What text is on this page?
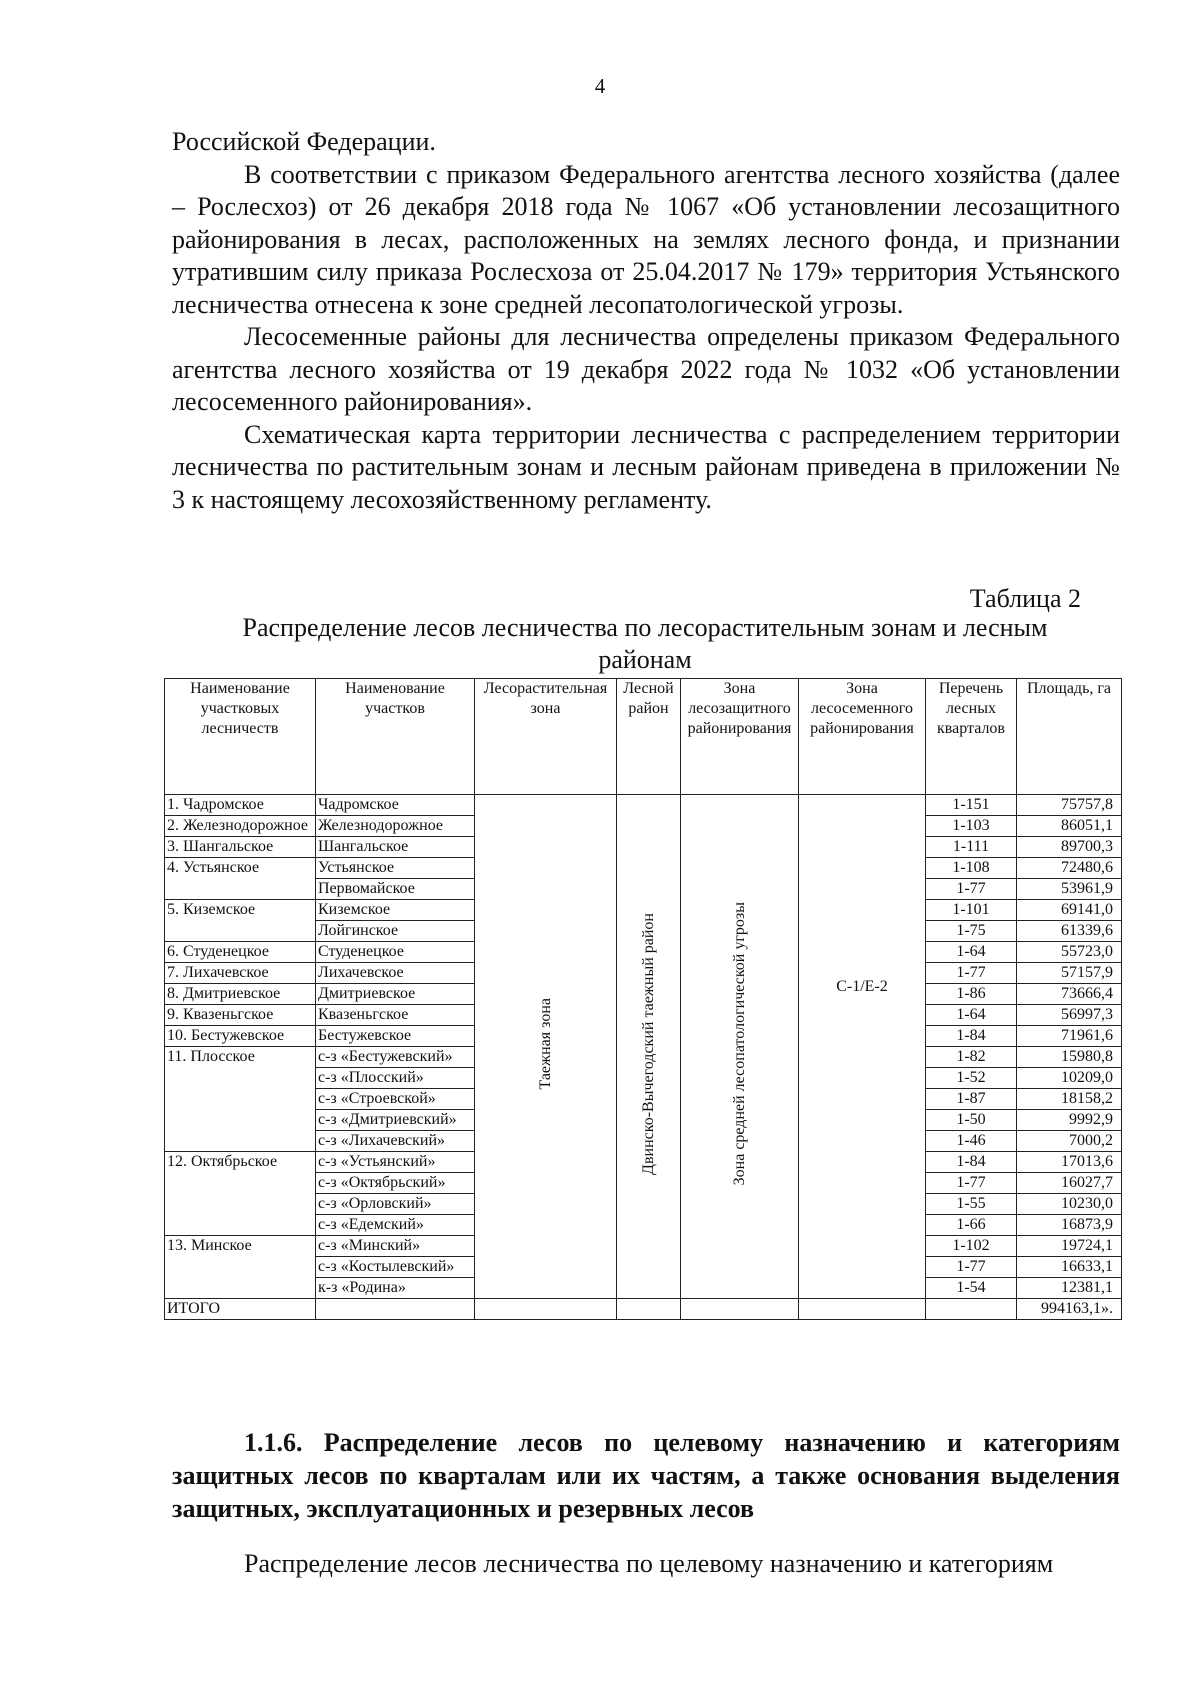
4

Российской Федерации.

В соответствии с приказом Федерального агентства лесного хозяйства (далее – Рослесхоз) от 26 декабря 2018 года № 1067 «Об установлении лесозащитного районирования в лесах, расположенных на землях лесного фонда, и признании утратившим силу приказа Рослесхоза от 25.04.2017 № 179» территория Устьянского лесничества отнесена к зоне средней лесопатологической угрозы.

Лесосеменные районы для лесничества определены приказом Федерального агентства лесного хозяйства от 19 декабря 2022 года № 1032 «Об установлении лесосеменного районирования».

Схематическая карта территории лесничества с распределением территории лесничества по растительным зонам и лесным районам приведена в приложении № 3 к настоящему лесохозяйственному регламенту.

Таблица 2
Распределение лесов лесничества по лесорастительным зонам и лесным районам
Наименование участковых лесничеств	Наименование участков	Лесорастительная зона	Лесной район	Зона лесозащитного районирования	Зона лесосеменного районирования	Перечень лесных кварталов	Площадь, га
1. Чадромское	Чадромское	Таежная зона	Двинско-Вычегодский таежный район	Зона средней лесопатологической угрозы	С-1/Е-2	1-151	75757,8
2. Железнодорожное	Железнодорожное					1-103	86051,1
3. Шангальское	Шангальское					1-111	89700,3
4. Устьянское	Устьянское					1-108	72480,6
	Первомайское					1-77	53961,9
5. Киземское	Киземское					1-101	69141,0
	Лойгинское					1-75	61339,6
6. Студенецкое	Студенецкое					1-64	55723,0
7. Лихачевское	Лихачевское					1-77	57157,9
8. Дмитриевское	Дмитриевское					1-86	73666,4
9. Квазеньгское	Квазеньгское					1-64	56997,3
10. Бестужевское	Бестужевское					1-84	71961,6
11. Плосское	с-з «Бестужевский»					1-82	15980,8
	с-з «Плосский»					1-52	10209,0
	с-з «Строевской»					1-87	18158,2
	с-з «Дмитриевский»					1-50	9992,9
	с-з «Лихачевский»					1-46	7000,2
12. Октябрьское	с-з «Устьянский»					1-84	17013,6
	с-з «Октябрьский»					1-77	16027,7
	с-з «Орловский»					1-55	10230,0
	с-з «Едемский»					1-66	16873,9
13. Минское	с-з «Минский»					1-102	19724,1
	с-з «Костылевский»					1-77	16633,1
	к-з «Родина»					1-54	12381,1
ИТОГО							994163,1».
1.1.6. Распределение лесов по целевому назначению и категориям защитных лесов по кварталам или их частям, а также основания выделения защитных, эксплуатационных и резервных лесов
Распределение лесов лесничества по целевому назначению и категориям
